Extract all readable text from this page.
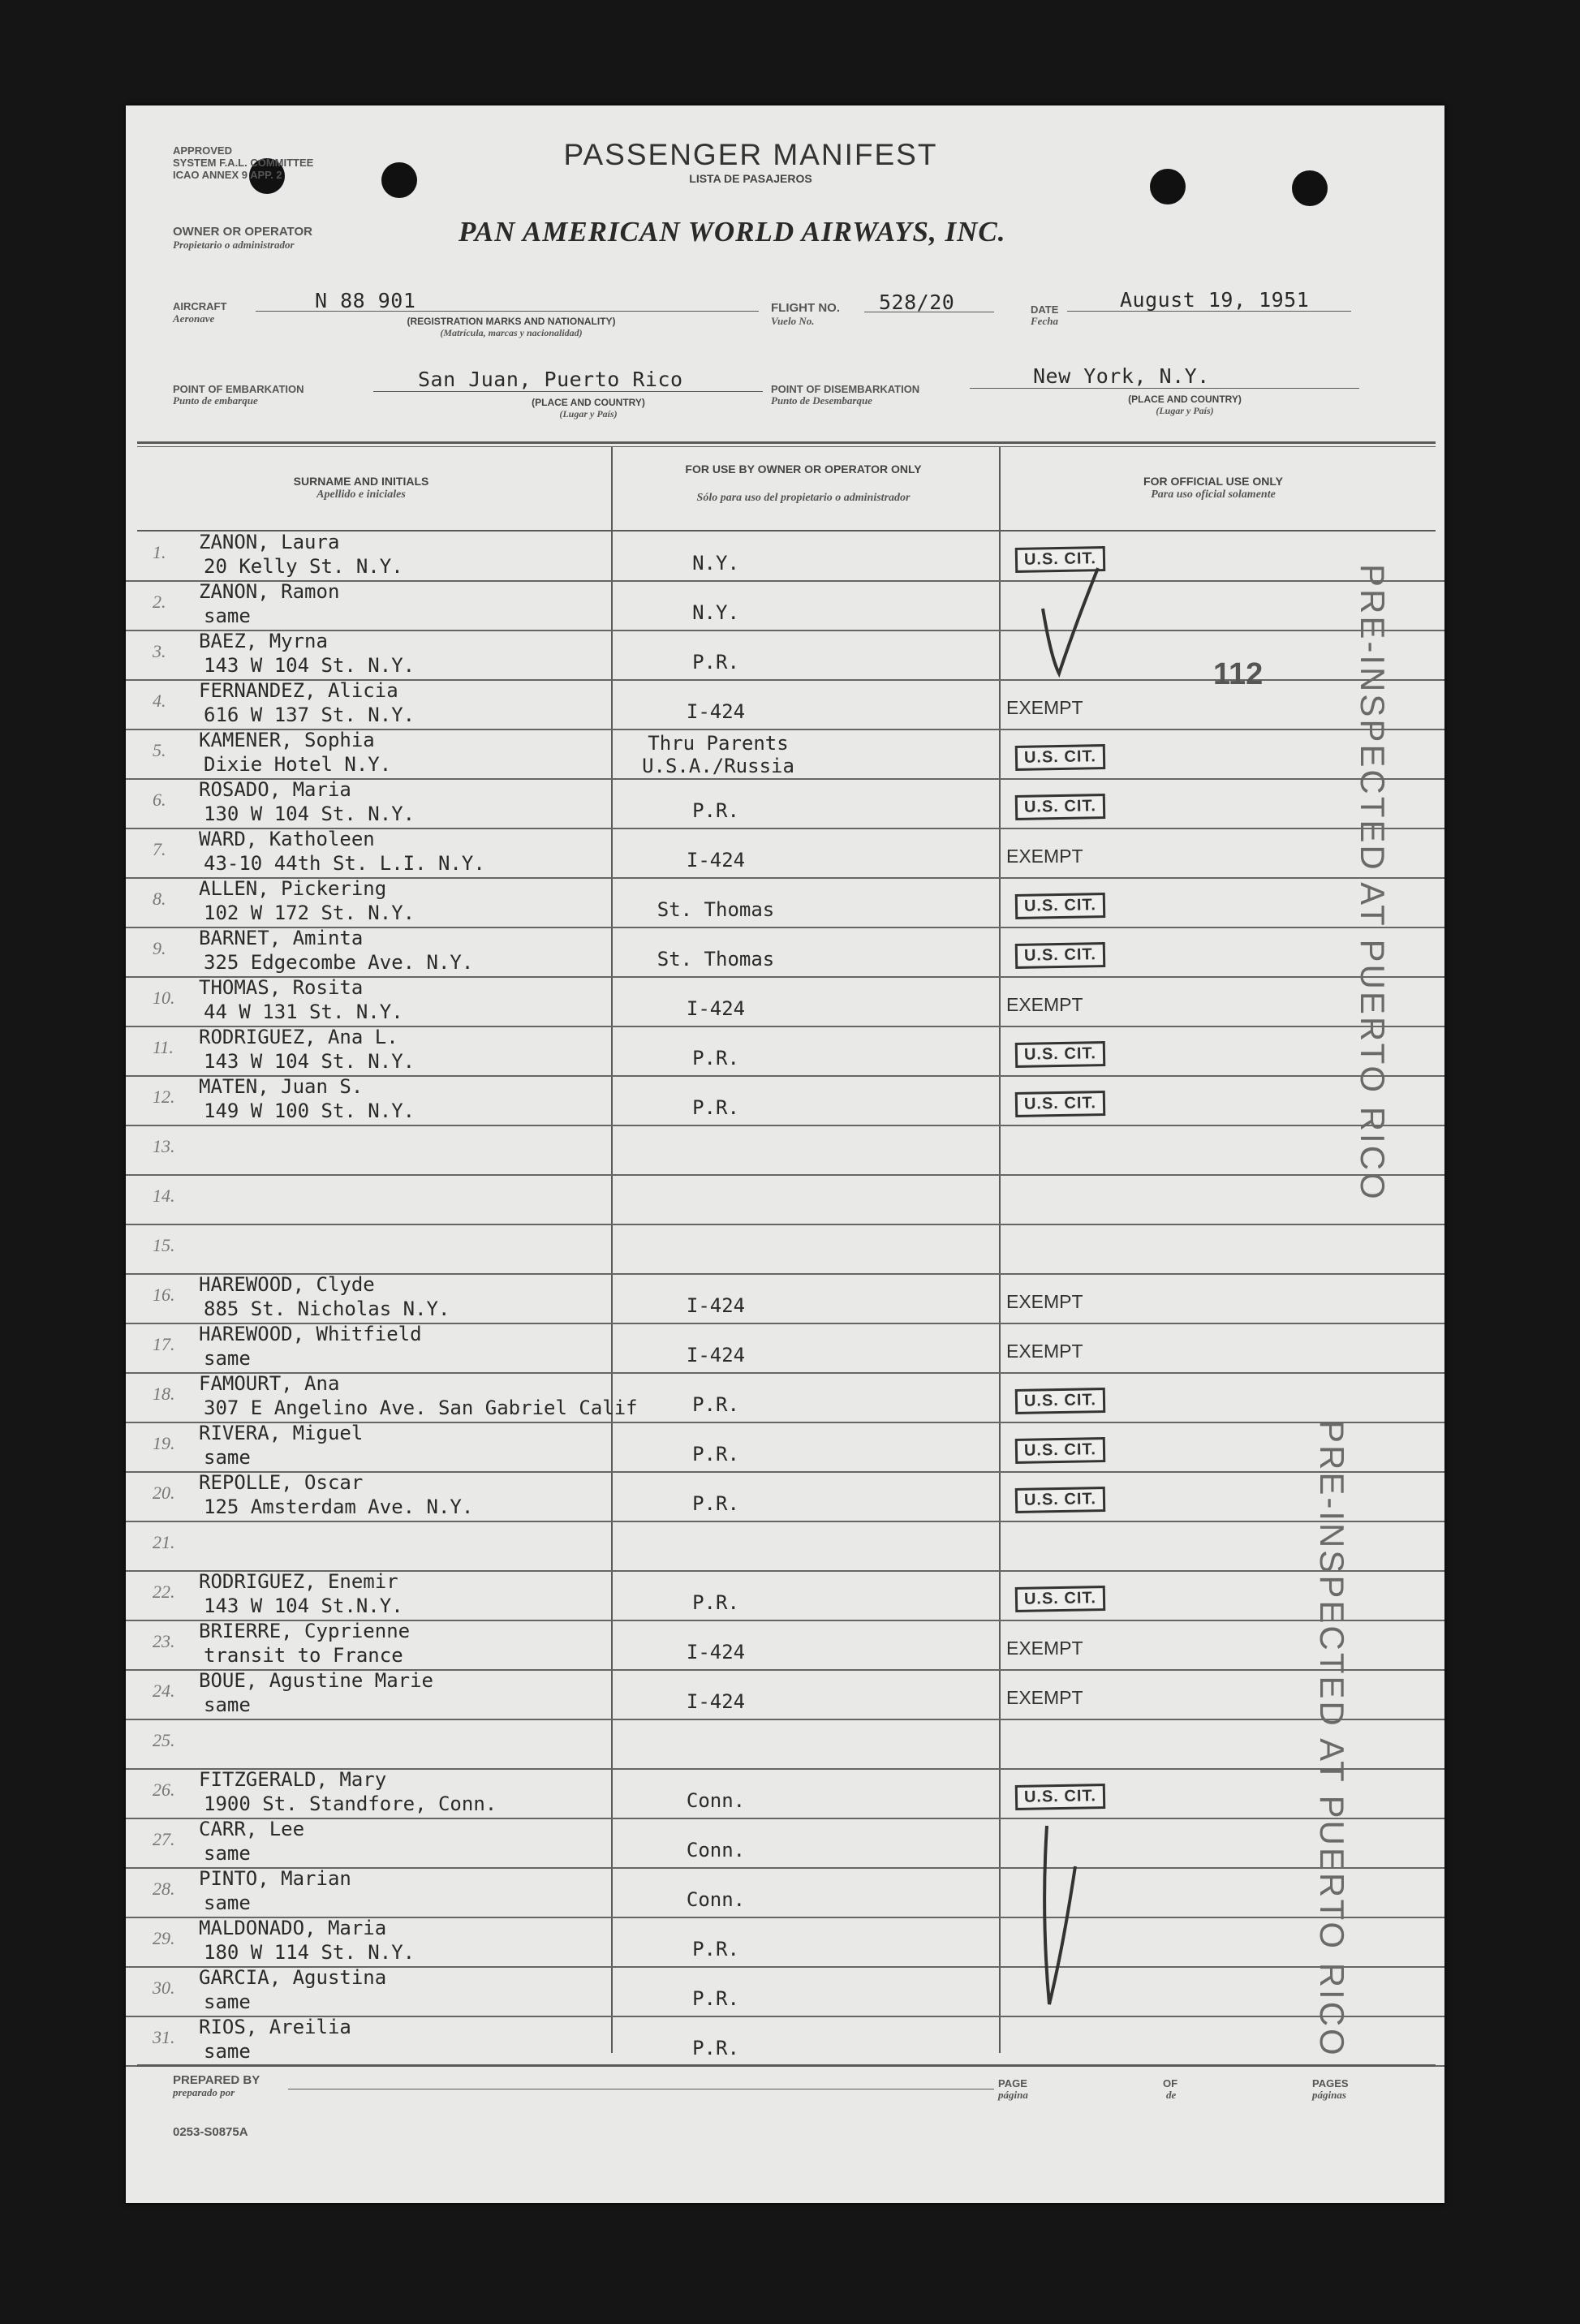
APPROVED
SYSTEM F.A.L. COMMITTEE
ICAO ANNEX 9 APP. 2
PASSENGER MANIFEST
LISTA DE PASAJEROS
OWNER OR OPERATOR
Propietario o administrador	PAN AMERICAN WORLD AIRWAYS, INC.
AIRCRAFT
Aeronave
N 88 901
(REGISTRATION MARKS AND NATIONALITY)
(Matrícula, marcas y nacionalidad)
FLIGHT NO.
Vuelo No.
528/20	DATE
Fecha
August 19, 1951
POINT OF EMBARKATION
Punto de embarque
San Juan, Puerto Rico
(PLACE AND COUNTRY)
(Lugar y País)
POINT OF DISEMBARKATION
Punto de Desembarque
New York, N.Y.
(PLACE AND COUNTRY)
(Lugar y País)
SURNAME AND INITIALS
Apellido e iniciales
FOR USE BY OWNER OR OPERATOR ONLY
Sólo para uso del propietario o administrador
FOR OFFICIAL USE ONLY
Para uso oficial solamente
1. ZANON, Laura
20 Kelly St. N.Y.	N.Y.	U.S. CIT.
2. ZANON, Ramon
same	N.Y.
3. BAEZ, Myrna
143 W 104 St. N.Y.	P.R.
4. FERNANDEZ, Alicia
616 W 137 St. N.Y.	I-424	EXEMPT
5. KAMENER, Sophia
Dixie Hotel N.Y.
Thru Parents U.S.A./Russia	U.S. CIT.
6. ROSADO, Maria
130 W 104 St. N.Y.	P.R.	U.S. CIT.
7. WARD, Katholeen
43-10 44th St. L.I. N.Y.	I-424	EXEMPT
8. ALLEN, Pickering
102 W 172 St. N.Y.	St. Thomas	U.S. CIT.
9. BARNET, Aminta
325 Edgecombe Ave. N.Y.	St. Thomas	U.S. CIT.
10. THOMAS, Rosita
44 W 131 St. N.Y.	I-424	EXEMPT
11. RODRIGUEZ, Ana L.
143 W 104 St. N.Y.	P.R.	U.S. CIT.
12. MATEN, Juan S.
149 W 100 St. N.Y.	P.R.	U.S. CIT.
13.
14.
15.
16. HAREWOOD, Clyde
885 St. Nicholas N.Y.	I-424	EXEMPT
17. HAREWOOD, Whitfield
same	I-424	EXEMPT
18. FAMOURT, Ana
307 E Angelino Ave. San Gabriel Calif	P.R.	U.S. CIT.
19. RIVERA, Miguel
same	P.R.	U.S. CIT.
20. REPOLLE, Oscar
125 Amsterdam Ave. N.Y.	P.R.	U.S. CIT.
21.
22. RODRIGUEZ, Enemir
143 W 104 St.N.Y.	P.R.	U.S. CIT.
23. BRIERRE, Cyprienne
transit to France	I-424	EXEMPT
24. BOUE, Agustine Marie
same	I-424	EXEMPT
25.
26. FITZGERALD, Mary
1900 St. Standfore, Conn.	Conn.	U.S. CIT.
27. CARR, Lee
same	Conn.
28. PINTO, Marian
same	Conn.
29. MALDONADO, Maria
180 W 114 St. N.Y.	P.R.
30. GARCIA, Agustina
same	P.R.
31. RIOS, Areilia
same	P.R.
112	PRE-INSPECTED AT PUERTO RICO
PRE-INSPECTED AT PUERTO RICO
PREPARED BY
preparado por
PAGE
página
OF
de
PAGES
páginas
0253-S0875A
